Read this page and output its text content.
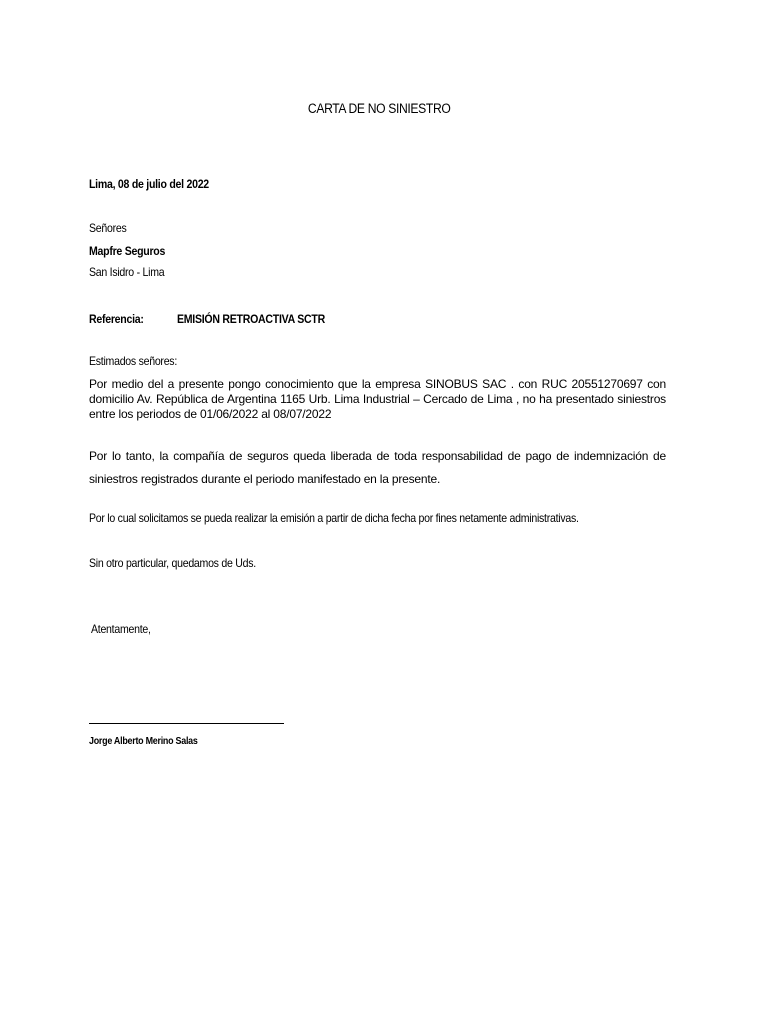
CARTA DE NO SINIESTRO
Lima, 08 de julio del 2022
Señores
Mapfre Seguros
San Isidro - Lima
Referencia:	EMISIÓN RETROACTIVA SCTR
Estimados señores:
Por medio del a presente pongo conocimiento que la empresa SINOBUS SAC . con RUC 20551270697 con domicilio Av. República de Argentina 1165 Urb. Lima Industrial – Cercado de Lima , no ha presentado siniestros entre los periodos de 01/06/2022 al 08/07/2022
Por lo tanto, la compañía de seguros queda liberada de toda responsabilidad de pago de indemnización de siniestros registrados durante el periodo manifestado en la presente.
Por lo cual solicitamos se pueda realizar la emisión a partir de dicha fecha por fines netamente administrativas.
Sin otro particular, quedamos de Uds.
Atentamente,
Jorge Alberto Merino Salas
